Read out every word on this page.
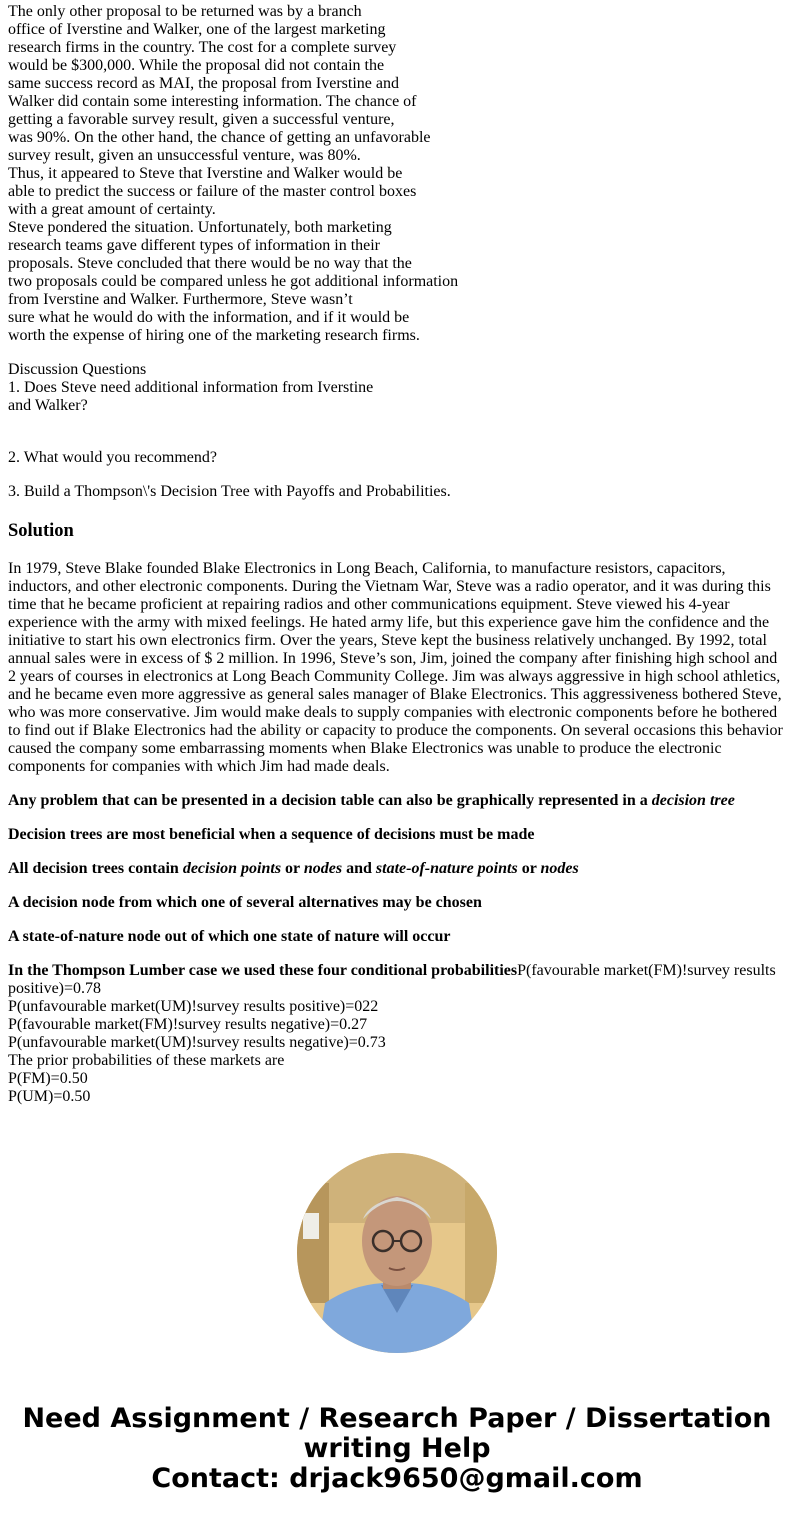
The only other proposal to be returned was by a branch
office of Iverstine and Walker, one of the largest marketing
research firms in the country. The cost for a complete survey
would be $300,000. While the proposal did not contain the
same success record as MAI, the proposal from Iverstine and
Walker did contain some interesting information. The chance of
getting a favorable survey result, given a successful venture,
was 90%. On the other hand, the chance of getting an unfavorable
survey result, given an unsuccessful venture, was 80%.
Thus, it appeared to Steve that Iverstine and Walker would be
able to predict the success or failure of the master control boxes
with a great amount of certainty.
Steve pondered the situation. Unfortunately, both marketing
research teams gave different types of information in their
proposals. Steve concluded that there would be no way that the
two proposals could be compared unless he got additional information
from Iverstine and Walker. Furthermore, Steve wasn’t
sure what he would do with the information, and if it would be
worth the expense of hiring one of the marketing research firms.
Discussion Questions
1. Does Steve need additional information from Iverstine
and Walker?
2. What would you recommend?
3. Build a Thompson\'s Decision Tree with Payoffs and Probabilities.
Solution

In 1979, Steve Blake founded Blake Electronics in Long Beach, California, to manufacture resistors, capacitors, inductors, and other electronic components. During the Vietnam War, Steve was a radio operator, and it was during this time that he became proficient at repairing radios and other communications equipment. Steve viewed his 4-year experience with the army with mixed feelings. He hated army life, but this experience gave him the confidence and the initiative to start his own electronics firm. Over the years, Steve kept the business relatively unchanged. By 1992, total annual sales were in excess of $ 2 million. In 1996, Steve’s son, Jim, joined the company after finishing high school and 2 years of courses in electronics at Long Beach Community College. Jim was always aggressive in high school athletics, and he became even more aggressive as general sales manager of Blake Electronics. This aggressiveness bothered Steve, who was more conservative. Jim would make deals to supply companies with electronic components before he bothered to find out if Blake Electronics had the ability or capacity to produce the components. On several occasions this behavior caused the company some embarrassing moments when Blake Electronics was unable to produce the electronic components for companies with which Jim had made deals.

Any problem that can be presented in a decision table can also be graphically represented in a decision tree

Decision trees are most beneficial when a sequence of decisions must be made

All decision trees contain decision points or nodes and state-of-nature points or nodes

A decision node from which one of several alternatives may be chosen

A state-of-nature node out of which one state of nature will occur

In the Thompson Lumber case we used these four conditional probabilitiesP(favourable market(FM)!survey results positive)=0.78
P(unfavourable market(UM)!survey results positive)=022
P(favourable market(FM)!survey results negative)=0.27
P(unfavourable market(UM)!survey results negative)=0.73
The prior probabilities of these markets are
P(FM)=0.50
P(UM)=0.50
Need Assignment / Research Paper / Dissertation
writing Help
Contact: drjack9650@gmail.com
